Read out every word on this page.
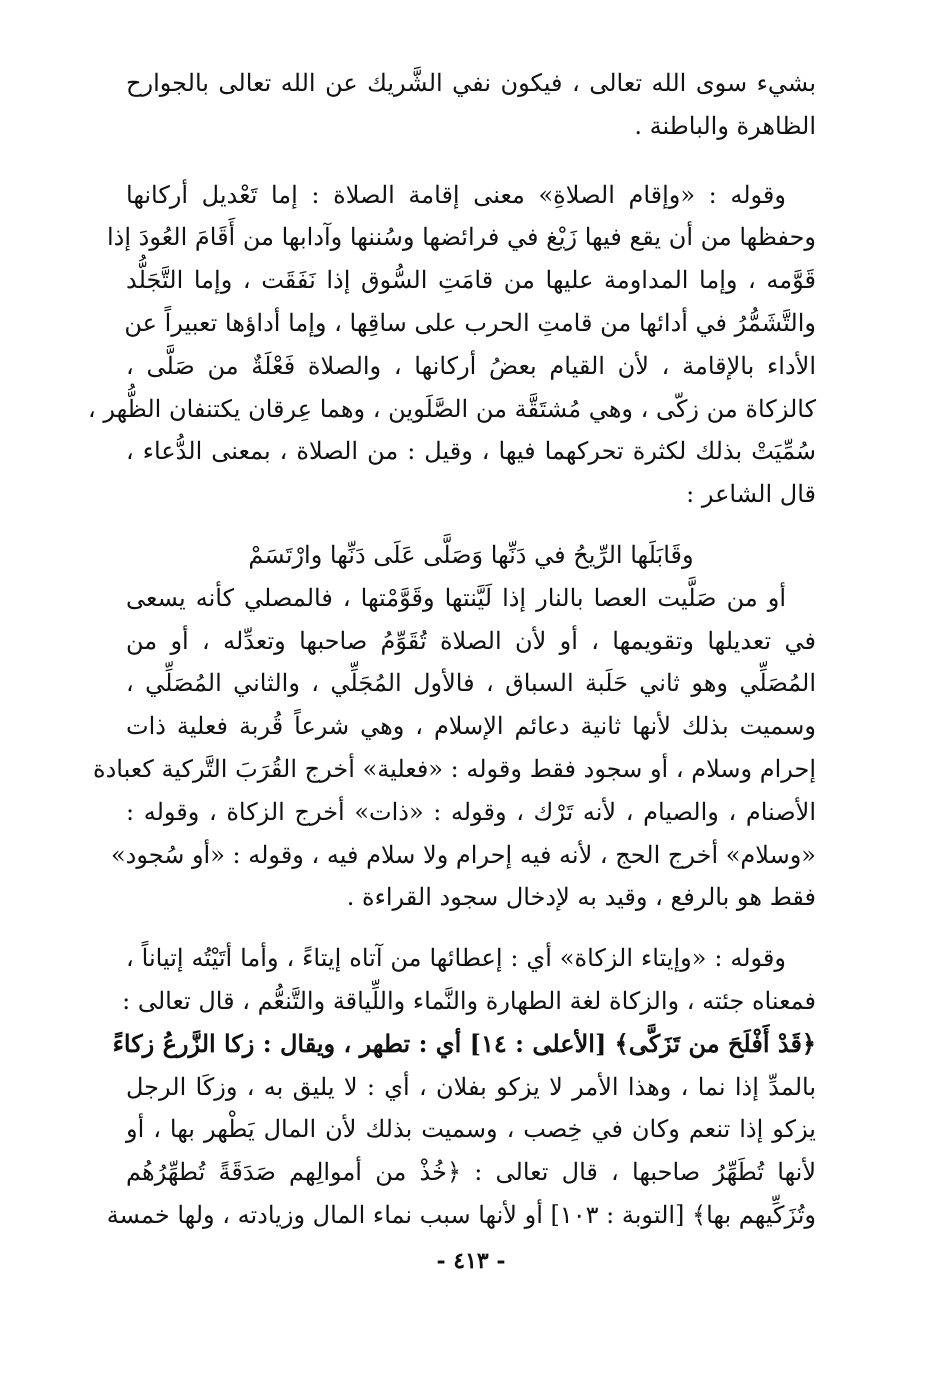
بشيء سوى الله تعالى ، فيكون نفي الشَّريك عن الله تعالى بالجوارح
الظاهرة والباطنة .

وقوله : «وإقام الصلاةِ» معنى إقامة الصلاة : إما تَعْديل أركانها
وحفظها من أن يقع فيها زَيْغ في فرائضها وسُننها وآدابها من أَقَامَ العُودَ إذا
قَوَّمه ، وإما المداومة عليها من قامَتِ السُّوق إذا نَفَقَت ، وإما التَّجَلُّد
والتَّشَمُّرُ في أدائها من قامتِ الحرب على ساقِها ، وإما أداؤها تعبيراً عن
الأداء بالإقامة ، لأن القيام بعضُ أركانها ، والصلاة فَعْلَةٌ من صَلَّى ،
كالزكاة من زكّى ، وهي مُشتَقَّة من الصَّلَوين ، وهما عِرقان يكتنفان الظُّهر ،
سُمِّيَتْ بذلك لكثرة تحركهما فيها ، وقيل : من الصلاة ، بمعنى الدُّعاء ،
قال الشاعر :

وقَابَلَها الرِّيحُ في دَنِّها وَصَلَّى عَلَى دَنِّها وارْتَسَمْ

أو من صَلَّيت العصا بالنار إذا لَيَّنتها وقَوَّمْتها ، فالمصلي كأنه يسعى
في تعديلها وتقويمها ، أو لأن الصلاة تُقَوِّمُ صاحبها وتعدِّله ، أو من
المُصَلِّي وهو ثاني حَلَبة السباق ، فالأول المُجَلِّي ، والثاني المُصَلِّي ،
وسميت بذلك لأنها ثانية دعائم الإسلام ، وهي شرعاً قُربة فعلية ذات
إحرام وسلام ، أو سجود فقط وقوله : «فعلية» أخرج القُرَبَ التَّركية كعبادة
الأصنام ، والصيام ، لأنه تَرْك ، وقوله : «ذات» أخرج الزكاة ، وقوله :
«وسلام» أخرج الحج ، لأنه فيه إحرام ولا سلام فيه ، وقوله : «أو سُجود»
فقط هو بالرفع ، وقيد به لإدخال سجود القراءة .

وقوله : «وإيتاء الزكاة» أي : إعطائها من آتاه إيتاءً ، وأما أتَيْتُه إتياناً ،
فمعناه جئته ، والزكاة لغة الطهارة والنَّماء واللِّياقة والتَّنعُّم ، قال تعالى :
﴿قَدْ أَفْلَحَ من تَزَكَّى﴾ [الأعلى : ١٤] أي : تطهر ، ويقال : زكا الزَّرعُ زكاءً
بالمدِّ إذا نما ، وهذا الأمر لا يزكو بفلان ، أي : لا يليق به ، وزكَا الرجل
يزكو إذا تنعم وكان في خِصب ، وسميت بذلك لأن المال يَطْهر بها ، أو
لأنها تُطَهِّرُ صاحبها ، قال تعالى : ﴿خُذْ من أموالِهم صَدَقَةً تُطهِّرُهُم
وتُزَكِّيهم بها﴾ [التوبة : ١٠٣] أو لأنها سبب نماء المال وزيادته ، ولها خمسة

- ٤١٣ -
